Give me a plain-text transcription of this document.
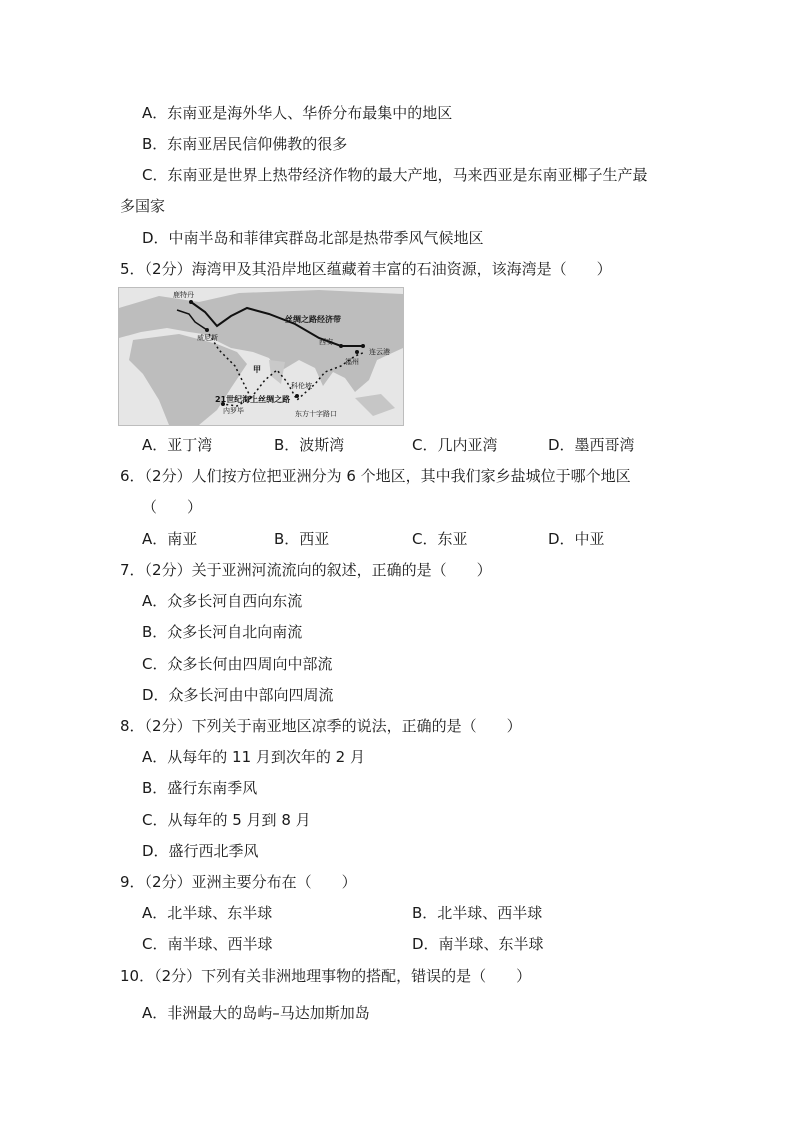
A．东南亚是海外华人、华侨分布最集中的地区
B．东南亚居民信仰佛教的很多
C．东南亚是世界上热带经济作物的最大产地，马来西亚是东南亚椰子生产最
多国家
D．中南半岛和菲律宾群岛北部是热带季风气候地区
5．（2分）海湾甲及其沿岸地区蕴藏着丰富的石油资源，该海湾是（　　）
鹿特丹
威尼斯
丝绸之路经济带
西安
连云港
福州
甲
科伦坡
21世纪海上丝绸之路
内罗毕	东方十字路口
A．亚丁湾	B．波斯湾	C．几内亚湾	D．墨西哥湾
6．（2分）人们按方位把亚洲分为 6 个地区，其中我们家乡盐城位于哪个地区
（　　）
A．南亚	B．西亚	C．东亚	D．中亚
7．（2分）关于亚洲河流流向的叙述，正确的是（　　）
A．众多长河自西向东流
B．众多长河自北向南流
C．众多长何由四周向中部流
D．众多长河由中部向四周流
8．（2分）下列关于南亚地区凉季的说法，正确的是（　　）
A．从每年的 11 月到次年的 2 月
B．盛行东南季风
C．从每年的 5 月到 8 月
D．盛行西北季风
9．（2分）亚洲主要分布在（　　）
A．北半球、东半球	B．北半球、西半球
C．南半球、西半球	D．南半球、东半球
10．（2分）下列有关非洲地理事物的搭配，错误的是（　　）
A．非洲最大的岛屿–马达加斯加岛
